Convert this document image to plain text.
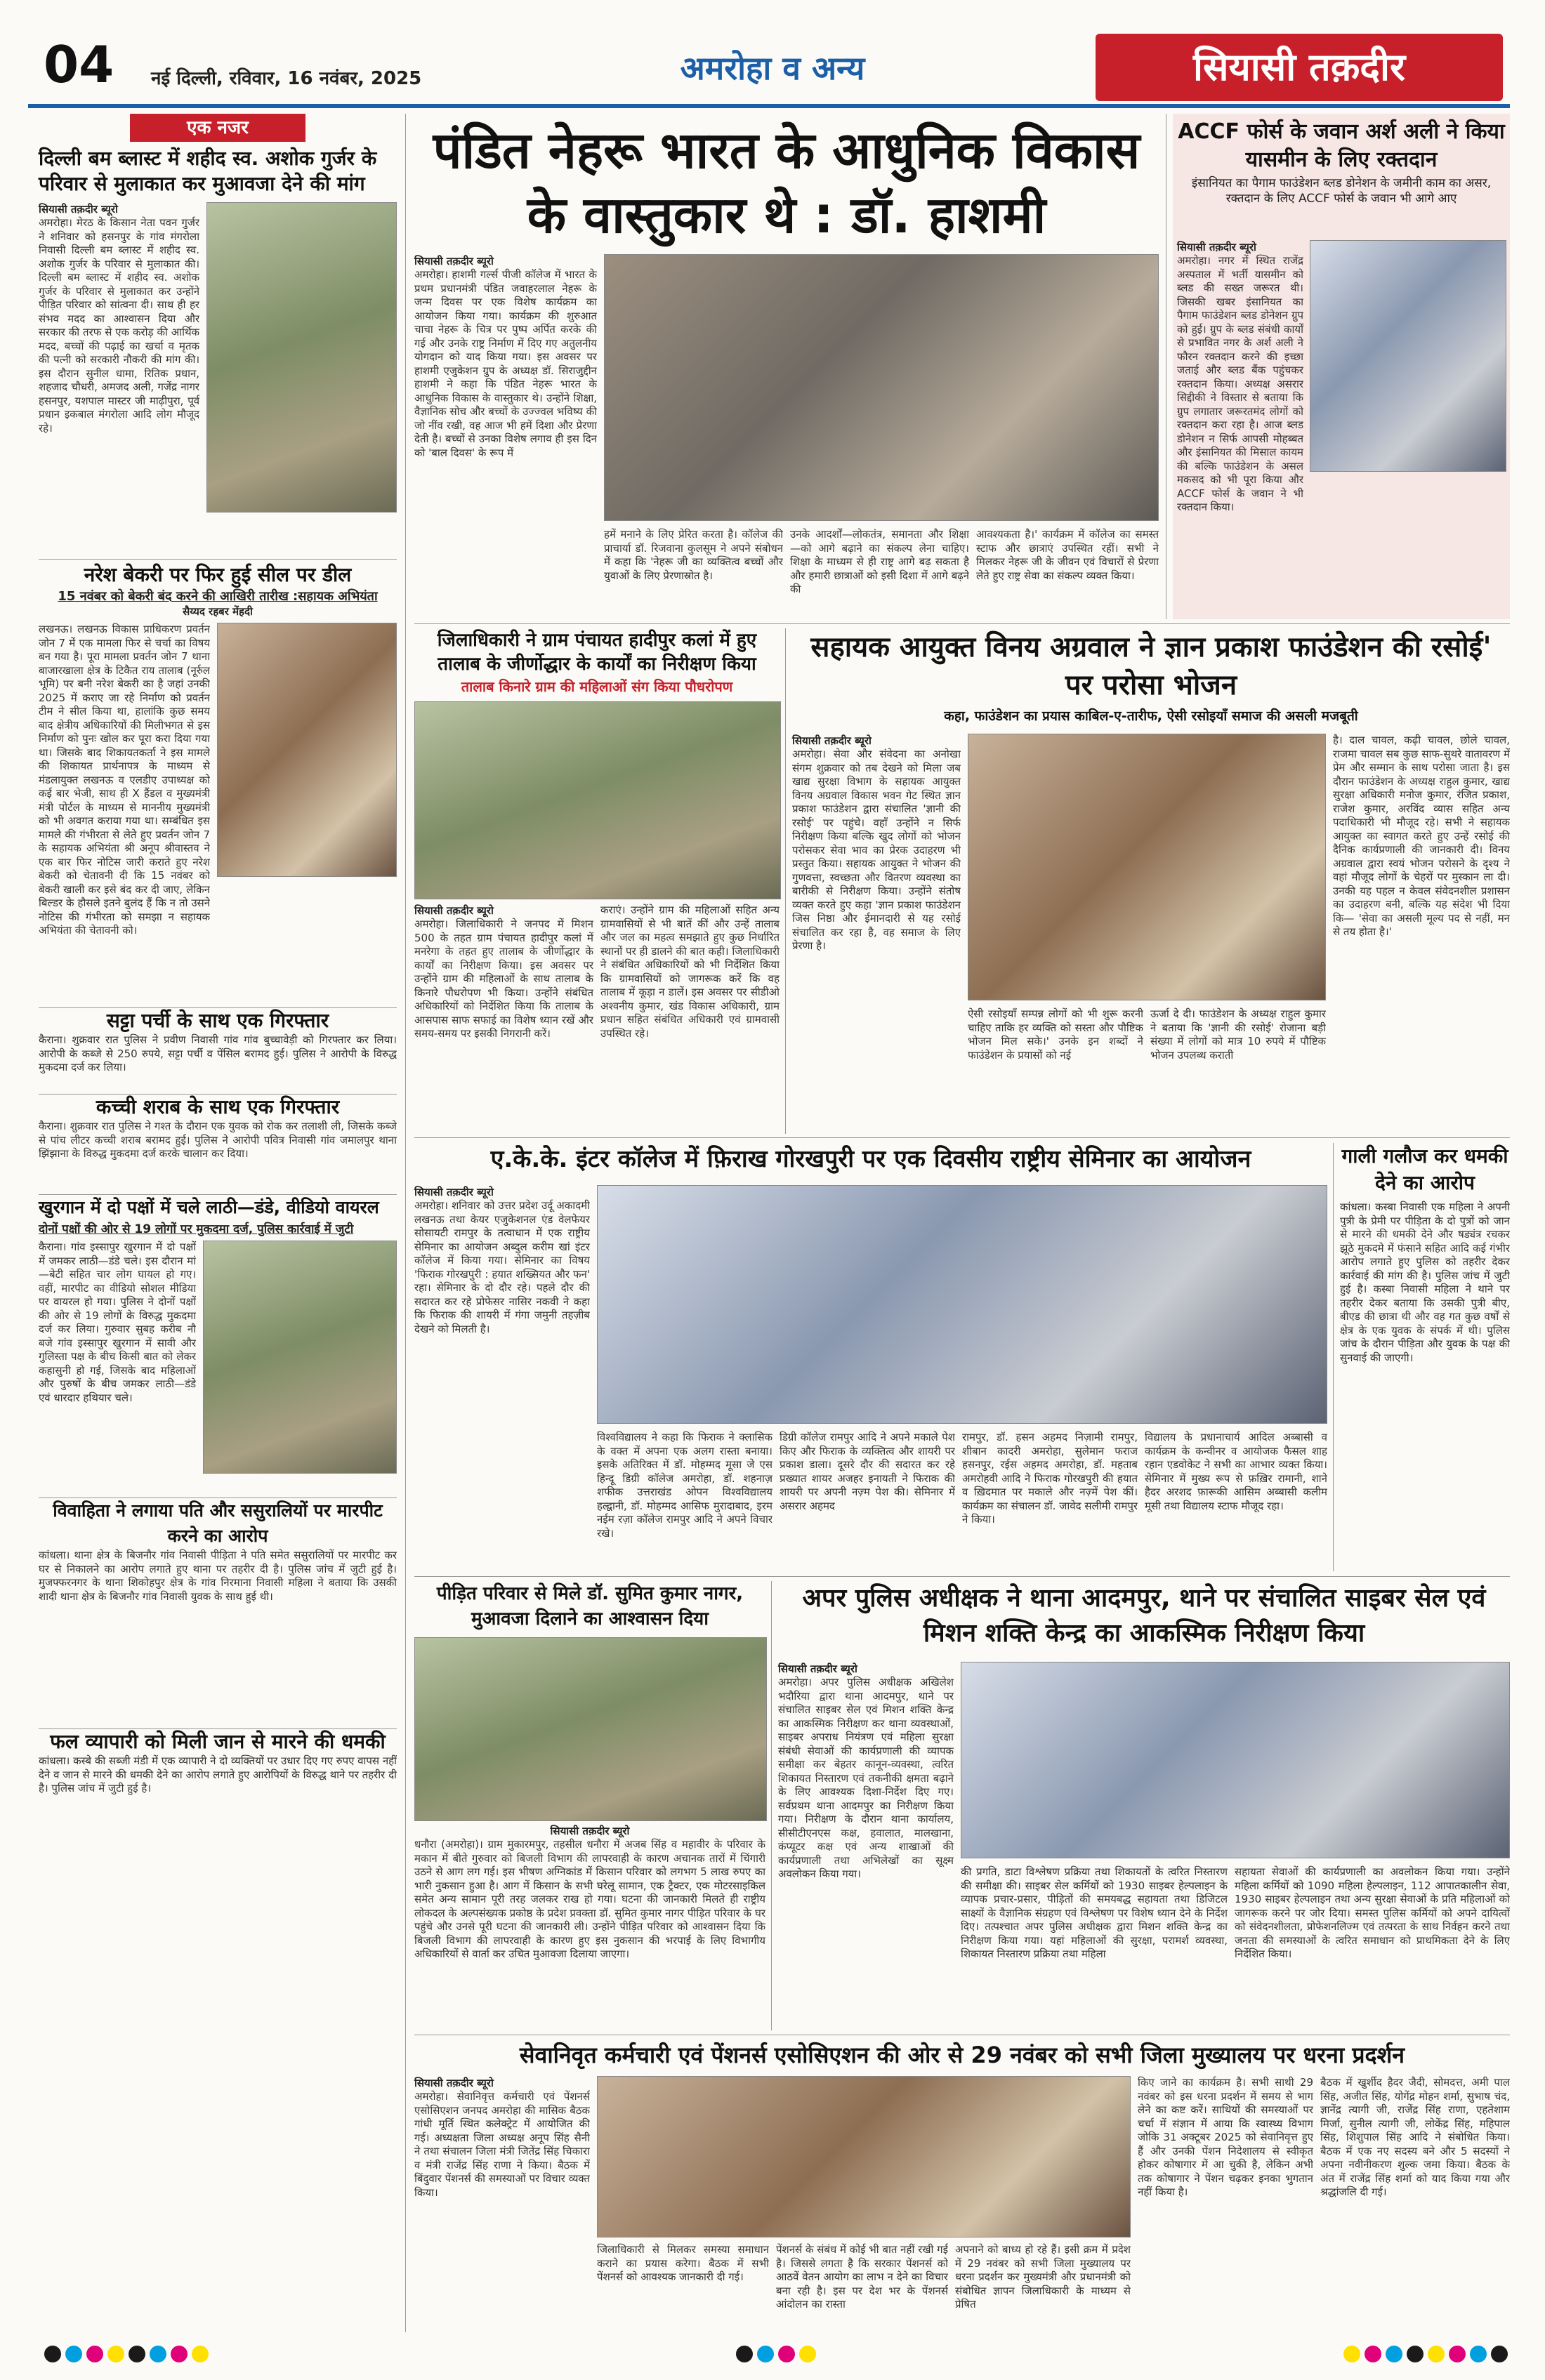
04 नई दिल्ली, रविवार, 16 नवंबर, 2025	अमरोहा व अन्य	सियासी तक़दीर
एक नजर
दिल्ली बम ब्लास्ट में शहीद स्व. अशोक गुर्जर के परिवार से मुलाकात कर मुआवजा देने की मांग
सियासी तक़दीर ब्यूरो
अमरोहा। मेरठ के किसान नेता पवन गुर्जर ने शनिवार को हसनपुर के गांव मंगरोला निवासी दिल्ली बम ब्लास्ट में शहीद स्व. अशोक गुर्जर के परिवार से मुलाकात की। दिल्ली बम ब्लास्ट में शहीद स्व. अशोक गुर्जर के परिवार से मुलाकात कर उन्होंने पीड़ित परिवार को सांत्वना दी। साथ ही हर संभव मदद का आश्वासन दिया और सरकार की तरफ से एक करोड़ की आर्थिक मदद, बच्चों की पढ़ाई का खर्चा व मृतक की पत्नी को सरकारी नौकरी की मांग की। इस दौरान सुनील धामा, रितिक प्रधान, शहजाद चौधरी, अमजद अली, गजेंद्र नागर हसनपुर, यशपाल मास्टर जी माढ़ीपुरा, पूर्व प्रधान इकबाल मंगरोला आदि लोग मौजूद रहे।
नरेश बेकरी पर फिर हुई सील पर डील
15 नवंबर को बेकरी बंद करने की आखिरी तारीख :सहायक अभियंता
सैय्यद रहबर मेंहदी
लखनऊ। लखनऊ विकास प्राधिकरण प्रवर्तन जोन 7 में एक मामला फिर से चर्चा का विषय बन गया है। पूरा मामला प्रवर्तन जोन 7 थाना बाजारखाला क्षेत्र के टिकैत राय तालाब (नूर्रुल भूमि) पर बनी नरेश बेकरी का है जहां उनकी 2025 में कराए जा रहे निर्माण को प्रवर्तन टीम ने सील किया था, हालांकि कुछ समय बाद क्षेत्रीय अधिकारियों की मिलीभगत से इस निर्माण को पुनः खोल कर पूरा करा दिया गया था। जिसके बाद शिकायतकर्ता ने इस मामले की शिकायत प्रार्थनापत्र के माध्यम से मंडलायुक्त लखनऊ व एलडीए उपाध्यक्ष को कई बार भेजी, साथ ही X हैंडल व मुख्यमंत्री मंत्री पोर्टल के माध्यम से माननीय मुख्यमंत्री को भी अवगत कराया गया था। सम्बंधित इस मामले की गंभीरता से लेते हुए प्रवर्तन जोन 7 के सहायक अभियंता श्री अनूप श्रीवास्तव ने एक बार फिर नोटिस जारी कराते हुए नरेश बेकरी को चेतावनी दी कि 15 नवंबर को बेकरी खाली कर इसे बंद कर दी जाए, लेकिन बिल्डर के हौसले इतने बुलंद हैं कि न तो उसने नोटिस की गंभीरता को समझा न सहायक अभियंता की चेतावनी को।
सट्टा पर्ची के साथ एक गिरफ्तार
कैराना। शुक्रवार रात पुलिस ने प्रवीण निवासी गांव गांव बुच्चावेड़ी को गिरफ्तार कर लिया। आरोपी के कब्जे से 250 रुपये, सट्टा पर्ची व पेंसिल बरामद हुई। पुलिस ने आरोपी के विरुद्ध मुकदमा दर्ज कर लिया।
कच्ची शराब के साथ एक गिरफ्तार
कैराना। शुक्रवार रात पुलिस ने गश्त के दौरान एक युवक को रोक कर तलाशी ली, जिसके कब्जे से पांच लीटर कच्ची शराब बरामद हुई। पुलिस ने आरोपी पवित्र निवासी गांव जमालपुर थाना झिंझाना के विरुद्ध मुकदमा दर्ज करके चालान कर दिया।
खुरगान में दो पक्षों में चले लाठी—डंडे, वीडियो वायरल
दोनों पक्षों की ओर से 19 लोगों पर मुकदमा दर्ज, पुलिस कार्रवाई में जुटी
कैराना। गांव इस्सापुर खुरगान में दो पक्षों में जमकर लाठी—डंडे चले। इस दौरान मां—बेटी सहित चार लोग घायल हो गए। वहीं, मारपीट का वीडियो सोशल मीडिया पर वायरल हो गया। पुलिस ने दोनों पक्षों की ओर से 19 लोगों के विरुद्ध मुकदमा दर्ज कर लिया। गुरुवार सुबह करीब नौ बजे गांव इस्सापुर खुरगान में सावी और गुलिस्ता पक्ष के बीच किसी बात को लेकर कहासुनी हो गई, जिसके बाद महिलाओं और पुरुषों के बीच जमकर लाठी—डंडे एवं धारदार हथियार चले।
विवाहिता ने लगाया पति और ससुरालियों पर मारपीट करने का आरोप
कांधला। थाना क्षेत्र के बिजनौर गांव निवासी पीड़िता ने पति समेत ससुरालियों पर मारपीट कर घर से निकालने का आरोप लगाते हुए थाना पर तहरीर दी है। पुलिस जांच में जुटी हुई है। मुजफ्फरनगर के थाना शिकोहपुर क्षेत्र के गांव निरमाना निवासी महिला ने बताया कि उसकी शादी थाना क्षेत्र के बिजनौर गांव निवासी युवक के साथ हुई थी।
फल व्यापारी को मिली जान से मारने की धमकी
कांधला। कस्बे की सब्जी मंडी में एक व्यापारी ने दो व्यक्तियों पर उधार दिए गए रुपए वापस नहीं देने व जान से मारने की धमकी देने का आरोप लगाते हुए आरोपियों के विरुद्ध थाने पर तहरीर दी है। पुलिस जांच में जुटी हुई है।
पंडित नेहरू भारत के आधुनिक विकास के वास्तुकार थे : डॉ. हाशमी
सियासी तक़दीर ब्यूरो
अमरोहा। हाशमी गर्ल्स पीजी कॉलेज में भारत के प्रथम प्रधानमंत्री पंडित जवाहरलाल नेहरू के जन्म दिवस पर एक विशेष कार्यक्रम का आयोजन किया गया। कार्यक्रम की शुरुआत चाचा नेहरू के चित्र पर पुष्प अर्पित करके की गई और उनके राष्ट्र निर्माण में दिए गए अतुलनीय योगदान को याद किया गया। इस अवसर पर हाशमी एजुकेशन ग्रुप के अध्यक्ष डॉ. सिराजुद्दीन हाशमी ने कहा कि पंडित नेहरू भारत के आधुनिक विकास के वास्तुकार थे। उन्होंने शिक्षा, वैज्ञानिक सोच और बच्चों के उज्ज्वल भविष्य की जो नींव रखी, वह आज भी हमें दिशा और प्रेरणा देती है। बच्चों से उनका विशेष लगाव ही इस दिन को 'बाल दिवस' के रूप में
हमें मनाने के लिए प्रेरित करता है। कॉलेज की प्राचार्या डॉ. रिजवाना कुलसूम ने अपने संबोधन में कहा कि 'नेहरू जी का व्यक्तित्व बच्चों और युवाओं के लिए प्रेरणास्रोत है।
उनके आदर्शों—लोकतंत्र, समानता और शिक्षा—को आगे बढ़ाने का संकल्प लेना चाहिए। शिक्षा के माध्यम से ही राष्ट्र आगे बढ़ सकता है और हमारी छात्राओं को इसी दिशा में आगे बढ़ने की
आवश्यकता है।' कार्यक्रम में कॉलेज का समस्त स्टाफ और छात्राएं उपस्थित रहीं। सभी ने मिलकर नेहरू जी के जीवन एवं विचारों से प्रेरणा लेते हुए राष्ट्र सेवा का संकल्प व्यक्त किया।
ACCF फोर्स के जवान अर्श अली ने किया यासमीन के लिए रक्तदान
इंसानियत का पैगाम फाउंडेशन ब्लड डोनेशन के जमीनी काम का असर, रक्तदान के लिए ACCF फोर्स के जवान भी आगे आए
सियासी तक़दीर ब्यूरो
अमरोहा। नगर में स्थित राजेंद्र अस्पताल में भर्ती यासमीन को ब्लड की सख्त जरूरत थी। जिसकी खबर इंसानियत का पैगाम फाउंडेशन ब्लड डोनेशन ग्रुप को हुई। ग्रुप के ब्लड संबंधी कार्यों से प्रभावित नगर के अर्श अली ने फौरन रक्तदान करने की इच्छा जताई और ब्लड बैंक पहुंचकर रक्तदान किया। अध्यक्ष असरार सिद्दीकी ने विस्तार से बताया कि ग्रुप लगातार जरूरतमंद लोगों को रक्तदान करा रहा है। आज ब्लड डोनेशन न सिर्फ आपसी मोहब्बत और इंसानियत की मिसाल कायम की बल्कि फाउंडेशन के असल मकसद को भी पूरा किया और ACCF फोर्स के जवान ने भी रक्तदान किया।
जिलाधिकारी ने ग्राम पंचायत हादीपुर कलां में हुए तालाब के जीर्णोद्धार के कार्यों का निरीक्षण किया
तालाब किनारे ग्राम की महिलाओं संग किया पौधरोपण
सियासी तक़दीर ब्यूरो
अमरोहा। जिलाधिकारी ने जनपद में मिशन 500 के तहत ग्राम पंचायत हादीपुर कलां में मनरेगा के तहत हुए तालाब के जीर्णोद्धार के कार्यों का निरीक्षण किया। इस अवसर पर उन्होंने ग्राम की महिलाओं के साथ तालाब के किनारे पौधरोपण भी किया। उन्होंने संबंधित अधिकारियों को निर्देशित किया कि तालाब के आसपास साफ सफाई का विशेष ध्यान रखें और समय-समय पर इसकी निगरानी करें।
कराएं। उन्होंने ग्राम की महिलाओं सहित अन्य ग्रामवासियों से भी बातें कीं और उन्हें तालाब और जल का महत्व समझाते हुए कुछ निर्धारित स्थानों पर ही डालने की बात कही। जिलाधिकारी ने संबंधित अधिकारियों को भी निर्देशित किया कि ग्रामवासियों को जागरूक करें कि वह तालाब में कूड़ा न डालें। इस अवसर पर सीडीओ अश्वनीय कुमार, खंड विकास अधिकारी, ग्राम प्रधान सहित संबंधित अधिकारी एवं ग्रामवासी उपस्थित रहे।
सहायक आयुक्त विनय अग्रवाल ने ज्ञान प्रकाश फाउंडेशन की रसोई' पर परोसा भोजन
कहा, फाउंडेशन का प्रयास काबिल-ए-तारीफ, ऐसी रसोइयाँ समाज की असली मजबूती
सियासी तक़दीर ब्यूरो
अमरोहा। सेवा और संवेदना का अनोखा संगम शुक्रवार को तब देखने को मिला जब खाद्य सुरक्षा विभाग के सहायक आयुक्त विनय अग्रवाल विकास भवन गेट स्थित ज्ञान प्रकाश फाउंडेशन द्वारा संचालित 'ज्ञानी की रसोई' पर पहुंचे। वहाँ उन्होंने न सिर्फ निरीक्षण किया बल्कि खुद लोगों को भोजन परोसकर सेवा भाव का प्रेरक उदाहरण भी प्रस्तुत किया। सहायक आयुक्त ने भोजन की गुणवत्ता, स्वच्छता और वितरण व्यवस्था का बारीकी से निरीक्षण किया। उन्होंने संतोष व्यक्त करते हुए कहा 'ज्ञान प्रकाश फाउंडेशन जिस निष्ठा और ईमानदारी से यह रसोई संचालित कर रहा है, वह समाज के लिए प्रेरणा है।
ऐसी रसोइयाँ सम्पन्न लोगों को भी शुरू करनी चाहिए ताकि हर व्यक्ति को सस्ता और पौष्टिक भोजन मिल सके।' उनके इन शब्दों ने फाउंडेशन के प्रयासों को नई
ऊर्जा दे दी। फाउंडेशन के अध्यक्ष राहुल कुमार ने बताया कि 'ज्ञानी की रसोई' रोजाना बड़ी संख्या में लोगों को मात्र 10 रुपये में पौष्टिक भोजन उपलब्ध कराती
है। दाल चावल, कढ़ी चावल, छोले चावल, राजमा चावल सब कुछ साफ-सुथरे वातावरण में प्रेम और सम्मान के साथ परोसा जाता है। इस दौरान फाउंडेशन के अध्यक्ष राहुल कुमार, खाद्य सुरक्षा अधिकारी मनोज कुमार, रंजित प्रकाश, राजेश कुमार, अरविंद व्यास सहित अन्य पदाधिकारी भी मौजूद रहे। सभी ने सहायक आयुक्त का स्वागत करते हुए उन्हें रसोई की दैनिक कार्यप्रणाली की जानकारी दी। विनय अग्रवाल द्वारा स्वयं भोजन परोसने के दृश्य ने वहां मौजूद लोगों के चेहरों पर मुस्कान ला दी। उनकी यह पहल न केवल संवेदनशील प्रशासन का उदाहरण बनी, बल्कि यह संदेश भी दिया कि— 'सेवा का असली मूल्य पद से नहीं, मन से तय होता है।'
ए.के.के. इंटर कॉलेज में फ़िराख गोरखपुरी पर एक दिवसीय राष्ट्रीय सेमिनार का आयोजन
सियासी तक़दीर ब्यूरो
अमरोहा। शनिवार को उत्तर प्रदेश उर्दू अकादमी लखनऊ तथा केयर एजुकेशनल एंड वेलफेयर सोसायटी रामपुर के तत्वाधान में एक राष्ट्रीय सेमिनार का आयोजन अब्दुल करीम खां इंटर कॉलेज में किया गया। सेमिनार का विषय 'फिराक गोरखपुरी : हयात शख्सियत और फन' रहा। सेमिनार के दो दौर रहे। पहले दौर की सदारत कर रहे प्रोफेसर नासिर नकवी ने कहा कि फिराक की शायरी में गंगा जमुनी तहज़ीब देखने को मिलती है।
विश्वविद्यालय ने कहा कि फिराक ने क्लासिक के वक्त में अपना एक अलग रास्ता बनाया। इसके अतिरिक्त में डॉ. मोहम्मद मूसा जे एस हिन्दू डिग्री कॉलेज अमरोहा, डॉ. शहनाज़ शफीक उत्तराखंड ओपन विश्वविद्यालय हल्द्वानी, डॉ. मोहम्मद आसिफ मुरादाबाद, इरम नईम रज़ा कॉलेज रामपुर आदि ने अपने विचार रखे।
डिग्री कॉलेज रामपुर आदि ने अपने मकाले पेश किए और फिराक के व्यक्तित्व और शायरी पर प्रकाश डाला। दूसरे दौर की सदारत कर रहे प्रख्यात शायर अजहर इनायती ने फिराक की शायरी पर अपनी नज़्म पेश की। सेमिनार में असरार अहमद
रामपुर, डॉ. हसन अहमद निज़ामी रामपुर, शीबान कादरी अमरोहा, सुलेमान फराज हसनपुर, रईस अहमद अमरोहा, डॉ. महताब अमरोहवी आदि ने फिराक गोरखपुरी की हयात व ख़िदमात पर मकाले और नज़्में पेश कीं। कार्यक्रम का संचालन डॉ. जावेद सलीमी रामपुर ने किया।
विद्यालय के प्रधानाचार्य आदिल अब्बासी व कार्यक्रम के कन्वीनर व आयोजक फैसल शाह रहान एडवोकेट ने सभी का आभार व्यक्त किया। सेमिनार में मुख्य रूप से फ़ख़िर रामानी, शाने हैदर अरशद फ़ारूकी आसिम अब्बासी कलीम मूसी तथा विद्यालय स्टाफ मौजूद रहा।
गाली गलौज कर धमकी देने का आरोप
कांधला। कस्बा निवासी एक महिला ने अपनी पुत्री के प्रेमी पर पीड़िता के दो पुत्रों को जान से मारने की धमकी देने और षड्यंत्र रचकर झूठे मुकदमे में फंसाने सहित आदि कई गंभीर आरोप लगाते हुए पुलिस को तहरीर देकर कार्रवाई की मांग की है। पुलिस जांच में जुटी हुई है। कस्बा निवासी महिला ने थाने पर तहरीर देकर बताया कि उसकी पुत्री बीए, बीएड की छात्रा थी और वह गत कुछ वर्षों से क्षेत्र के एक युवक के संपर्क में थी। पुलिस जांच के दौरान पीड़िता और युवक के पक्ष की सुनवाई की जाएगी।
पीड़ित परिवार से मिले डॉ. सुमित कुमार नागर, मुआवजा दिलाने का आश्वासन दिया
सियासी तक़दीर ब्यूरो
धनौरा (अमरोहा)। ग्राम मुकारमपुर, तहसील धनौरा में अजब सिंह व महावीर के परिवार के मकान में बीते गुरुवार को बिजली विभाग की लापरवाही के कारण अचानक तारों में चिंगारी उठने से आग लग गई। इस भीषण अग्निकांड में किसान परिवार को लगभग 5 लाख रुपए का भारी नुकसान हुआ है। आग में किसान के सभी घरेलू सामान, एक ट्रैक्टर, एक मोटरसाइकिल समेत अन्य सामान पूरी तरह जलकर राख हो गया। घटना की जानकारी मिलते ही राष्ट्रीय लोकदल के अल्पसंख्यक प्रकोष्ठ के प्रदेश प्रवक्ता डॉ. सुमित कुमार नागर पीड़ित परिवार के घर पहुंचे और उनसे पूरी घटना की जानकारी ली। उन्होंने पीड़ित परिवार को आश्वासन दिया कि बिजली विभाग की लापरवाही के कारण हुए इस नुकसान की भरपाई के लिए विभागीय अधिकारियों से वार्ता कर उचित मुआवजा दिलाया जाएगा।
अपर पुलिस अधीक्षक ने थाना आदमपुर, थाने पर संचालित साइबर सेल एवं मिशन शक्ति केन्द्र का आकस्मिक निरीक्षण किया
सियासी तक़दीर ब्यूरो
अमरोहा। अपर पुलिस अधीक्षक अखिलेश भदौरिया द्वारा थाना आदमपुर, थाने पर संचालित साइबर सेल एवं मिशन शक्ति केन्द्र का आकस्मिक निरीक्षण कर थाना व्यवस्थाओं, साइबर अपराध नियंत्रण एवं महिला सुरक्षा संबंधी सेवाओं की कार्यप्रणाली की व्यापक समीक्षा कर बेहतर कानून-व्यवस्था, त्वरित शिकायत निस्तारण एवं तकनीकी क्षमता बढ़ाने के लिए आवश्यक दिशा-निर्देश दिए गए। सर्वप्रथम थाना आदमपुर का निरीक्षण किया गया। निरीक्षण के दौरान थाना कार्यालय, सीसीटीएनएस कक्ष, हवालात, मालखाना, कंप्यूटर कक्ष एवं अन्य शाखाओं की कार्यप्रणाली तथा अभिलेखों का सूक्ष्म अवलोकन किया गया।	की प्रगति, डाटा विश्लेषण प्रक्रिया तथा शिकायतों के त्वरित निस्तारण की समीक्षा की। साइबर सेल कर्मियों को 1930 साइबर हेल्पलाइन के व्यापक प्रचार-प्रसार, पीड़ितों की समयबद्ध सहायता तथा डिजिटल साक्ष्यों के वैज्ञानिक संग्रहण एवं विश्लेषण पर विशेष ध्यान देने के निर्देश दिए। तत्पश्चात अपर पुलिस अधीक्षक द्वारा मिशन शक्ति केन्द्र का निरीक्षण किया गया। यहां महिलाओं की सुरक्षा, परामर्श व्यवस्था, शिकायत निस्तारण प्रक्रिया तथा महिला
सहायता सेवाओं की कार्यप्रणाली का अवलोकन किया गया। उन्होंने महिला कर्मियों को 1090 महिला हेल्पलाइन, 112 आपातकालीन सेवा, 1930 साइबर हेल्पलाइन तथा अन्य सुरक्षा सेवाओं के प्रति महिलाओं को जागरूक करने पर जोर दिया। समस्त पुलिस कर्मियों को अपने दायित्वों को संवेदनशीलता, प्रोफेशनलिज्म एवं तत्परता के साथ निर्वहन करने तथा जनता की समस्याओं के त्वरित समाधान को प्राथमिकता देने के लिए निर्देशित किया।
सेवानिवृत कर्मचारी एवं पेंशनर्स एसोसिएशन की ओर से 29 नवंबर को सभी जिला मुख्यालय पर धरना प्रदर्शन
सियासी तक़दीर ब्यूरो
अमरोहा। सेवानिवृत्त कर्मचारी एवं पेंशनर्स एसोसिएशन जनपद अमरोहा की मासिक बैठक गांधी मूर्ति स्थित कलेक्ट्रेट में आयोजित की गई। अध्यक्षता जिला अध्यक्ष अनूप सिंह सैनी ने तथा संचालन जिला मंत्री जितेंद्र सिंह चिकारा व मंत्री राजेंद्र सिंह राणा ने किया। बैठक में बिंदुवार पेंशनर्स की समस्याओं पर विचार व्यक्त किया।
जिलाधिकारी से मिलकर समस्या समाधान कराने का प्रयास करेगा। बैठक में सभी पेंशनर्स को आवश्यक जानकारी दी गई।
पेंशनर्स के संबंध में कोई भी बात नहीं रखी गई है। जिससे लगता है कि सरकार पेंशनर्स को आठवें वेतन आयोग का लाभ न देने का विचार बना रही है। इस पर देश भर के पेंशनर्स आंदोलन का रास्ता
अपनाने को बाध्य हो रहे हैं। इसी क्रम में प्रदेश में 29 नवंबर को सभी जिला मुख्यालय पर धरना प्रदर्शन कर मुख्यमंत्री और प्रधानमंत्री को संबोधित ज्ञापन जिलाधिकारी के माध्यम से प्रेषित
किए जाने का कार्यक्रम है। सभी साथी 29 नवंबर को इस धरना प्रदर्शन में समय से भाग लेने का कष्ट करें। साथियों की समस्याओं पर चर्चा में संज्ञान में आया कि स्वास्थ्य विभाग जोकि 31 अक्टूबर 2025 को सेवानिवृत्त हुए हैं और उनकी पेंशन निदेशालय से स्वीकृत होकर कोषागार में आ चुकी है, लेकिन अभी तक कोषागार ने पेंशन चढ़कर इनका भुगतान नहीं किया है।
बैठक में खुर्शीद हैदर जैदी, सोमदत्त, अमी पाल सिंह, अजीत सिंह, योगेंद्र मोहन शर्मा, सुभाष चंद, ज्ञानेंद्र त्यागी जी, राजेंद्र सिंह राणा, एहतेशाम मिर्जा, सुनील त्यागी जी, लोकेंद्र सिंह, महिपाल सिंह, शिशुपाल सिंह आदि ने संबोधित किया। बैठक में एक नए सदस्य बने और 5 सदस्यों ने अपना नवीनीकरण शुल्क जमा किया। बैठक के अंत में राजेंद्र सिंह शर्मा को याद किया गया और श्रद्धांजलि दी गई।
